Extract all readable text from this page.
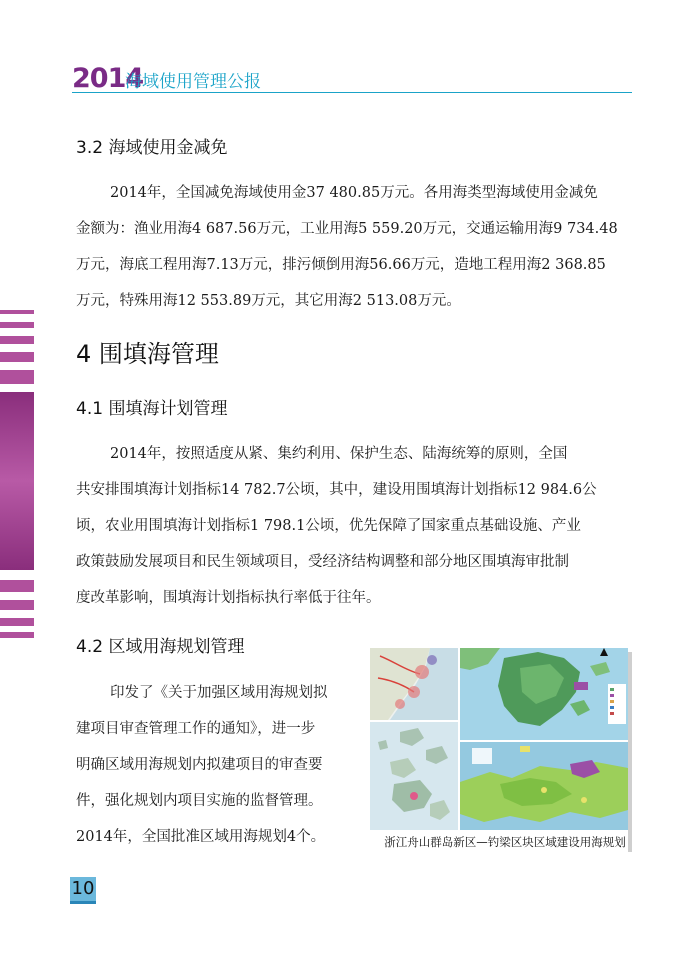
2014
海域使用管理公报
3.2 海域使用金减免
2014年，全国减免海域使用金37 480.85万元。各用海类型海域使用金减免
金额为：渔业用海4 687.56万元，工业用海5 559.20万元，交通运输用海9 734.48
万元，海底工程用海7.13万元，排污倾倒用海56.66万元，造地工程用海2 368.85
万元，特殊用海12 553.89万元，其它用海2 513.08万元。
4 围填海管理
4.1 围填海计划管理
2014年，按照适度从紧、集约利用、保护生态、陆海统筹的原则，全国
共安排围填海计划指标14 782.7公顷，其中，建设用围填海计划指标12 984.6公
顷，农业用围填海计划指标1 798.1公顷，优先保障了国家重点基础设施、产业
政策鼓励发展项目和民生领域项目，受经济结构调整和部分地区围填海审批制
度改革影响，围填海计划指标执行率低于往年。
4.2 区域用海规划管理
印发了《关于加强区域用海规划拟
建项目审查管理工作的通知》，进一步
明确区域用海规划内拟建项目的审查要
件，强化规划内项目实施的监督管理。
2014年，全国批准区域用海规划4个。	浙江舟山群岛新区—钓梁区块区域建设用海规划
10
